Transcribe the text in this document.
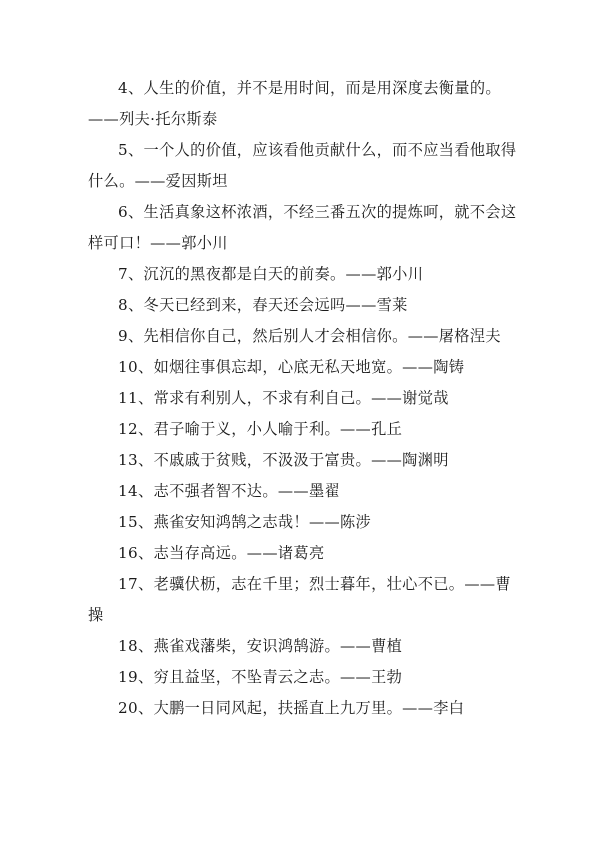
4、人生的价值，并不是用时间，而是用深度去衡量的。——列夫·托尔斯泰

5、一个人的价值，应该看他贡献什么，而不应当看他取得什么。——爱因斯坦

6、生活真象这杯浓酒，不经三番五次的提炼呵，就不会这样可口！——郭小川

7、沉沉的黑夜都是白天的前奏。——郭小川

8、冬天已经到来，春天还会远吗——雪莱

9、先相信你自己，然后别人才会相信你。——屠格涅夫

10、如烟往事俱忘却，心底无私天地宽。——陶铸

11、常求有利别人，不求有利自己。——谢觉哉

12、君子喻于义，小人喻于利。——孔丘

13、不戚戚于贫贱，不汲汲于富贵。——陶渊明

14、志不强者智不达。——墨翟

15、燕雀安知鸿鹄之志哉！——陈涉

16、志当存高远。——诸葛亮

17、老骥伏枥，志在千里；烈士暮年，壮心不已。——曹操

18、燕雀戏藩柴，安识鸿鹄游。——曹植

19、穷且益坚，不坠青云之志。——王勃

20、大鹏一日同风起，扶摇直上九万里。——李白
